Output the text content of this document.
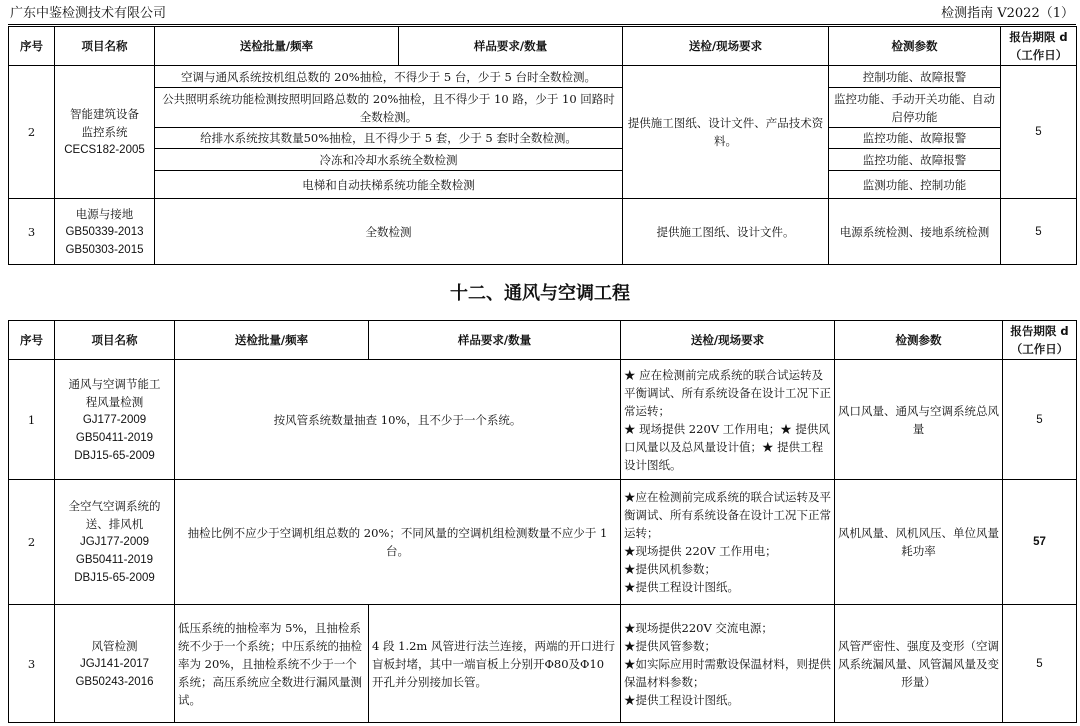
广东中鉴检测技术有限公司	检测指南 V2022（1）
序号	项目名称	送检批量/频率	样品要求/数量	送检/现场要求	检测参数	报告期限 d
（工作日）

2	智能建筑设备
监控系统
CECS182-2005	空调与通风系统按机组总数的 20%抽检，不得少于 5 台，少于 5 台时全数检测。		提供施工图纸、设计文件、产品技术资料。	控制功能、故障报警	5
		公共照明系统功能检测按照明回路总数的 20%抽检，且不得少于 10 路，少于 10 回路时全数检测。			监控功能、手动开关功能、自动启停功能	
		给排水系统按其数量50%抽检，且不得少于 5 套，少于 5 套时全数检测。			监控功能、故障报警	
		冷冻和冷却水系统全数检测			监控功能、故障报警	
		电梯和自动扶梯系统功能全数检测			监测功能、控制功能	
3	电源与接地
GB50339-2013
GB50303-2015	全数检测		提供施工图纸、设计文件。	电源系统检测、接地系统检测	5
十二、通风与空调工程
序号	项目名称	送检批量/频率	样品要求/数量	送检/现场要求	检测参数	报告期限 d
（工作日）

1	通风与空调节能工
程风量检测
GJ177-2009
GB50411-2019
DBJ15-65-2009	按风管系统数量抽查 10%，且不少于一个系统。		★ 应在检测前完成系统的联合试运转及平衡调试、所有系统设备在设计工况下正常运转；
★ 现场提供 220V 工作用电；★ 提供风口风量以及总风量设计值；★ 提供工程设计图纸。	风口风量、通风与空调系统总风量	5
2	全空气空调系统的
送、排风机
JGJ177-2009
GB50411-2019
DBJ15-65-2009	抽检比例不应少于空调机组总数的 20%；不同风量的空调机组检测数量不应少于 1 台。		★应在检测前完成系统的联合试运转及平衡调试、所有系统设备在设计工况下正常运转；
★现场提供 220V 工作用电；
★提供风机参数；
★提供工程设计图纸。	风机风量、风机风压、单位风量耗功率	57
3	风管检测
JGJ141-2017
GB50243-2016	低压系统的抽检率为 5%，且抽检系统不少于一个系统；中压系统的抽检率为 20%，且抽检系统不少于一个系统；高压系统应全数进行漏风量测试。	4 段 1.2m 风管进行法兰连接，两端的开口进行盲板封堵，其中一端盲板上分别开Φ80及Φ10 开孔并分别接加长管。	★现场提供220V 交流电源；
★提供风管参数；
★如实际应用时需敷设保温材料，则提供保温材料参数；
★提供工程设计图纸。	风管严密性、强度及变形（空调风系统漏风量、风管漏风量及变形量）	5
